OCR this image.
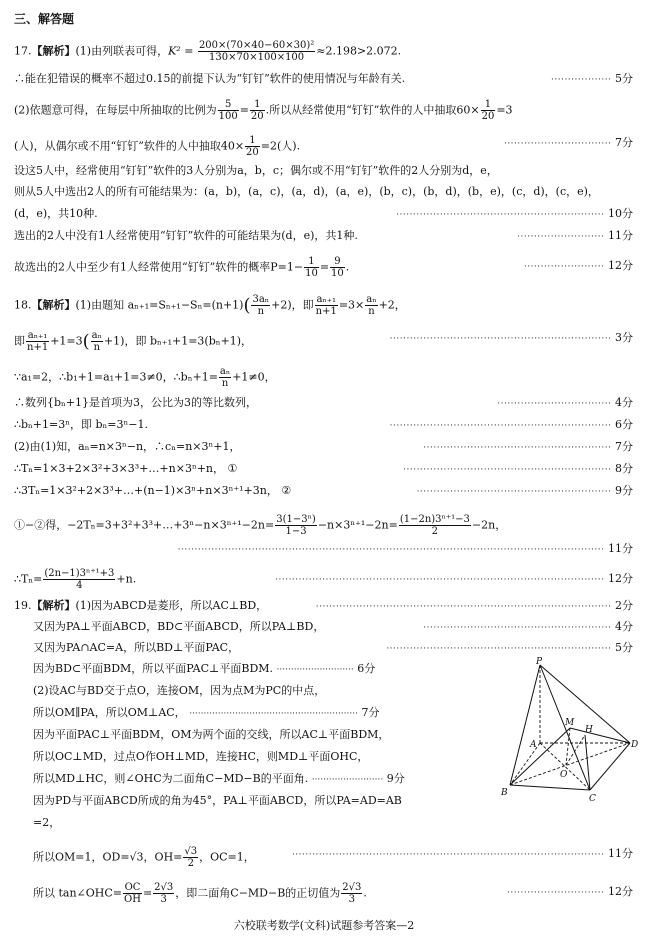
三、解答题
17.【解析】(1)由列联表可得，$K^2 = \frac{\text{200×(70×40−60×30)²}}{130\times 70\times 100\times 100} \approx 2.198>2.072$.
∴能在犯错误的概率不超过0.15的前提下认为“钉钉”软件的使用情况与年龄有关.	·················· 5分
(2)依题意可得，在每层中所抽取的比例为 $\frac{5}{100} = \frac{1}{20}$ .所以从经常使用“钉钉”软件的人中抽取$60\times \frac{1}{20} =3$
(人)，从偶尔或不用“钉钉”软件的人中抽取$40\times \frac{1}{20} =2$(人).	································ 7分
设这5人中，经常使用“钉钉”软件的3人分别为a，b，c；偶尔或不用“钉钉”软件的2人分别为d，e，
则从5人中选出2人的所有可能结果为：(a，b)，(a，c)，(a，d)，(a，e)，(b，c)，(b，d)，(b，e)，(c，d)，(c，e)，
(d，e)，共10种.	······························································ 10分
选出的2人中没有1人经常使用“钉钉”软件的可能结果为(d，e)，共1种.	·························· 11分
故选出的2人中至少有1人经常使用“钉钉”软件的概率$P=1- \frac{1}{10} = \frac{9}{10}$ .	························ 12分
18.【解析】(1)由题知 $a_{n+1}=S_{n+1}-S_n=(n+1)( \frac{\text{3aₙ}}{n} +2)$，即 $\frac{\text{aₙ₊₁}}{n+1} =3\times \frac{\text{aₙ}}{n} +2$，
即 $\frac{\text{aₙ₊₁}}{n+1} +1=3( \frac{\text{aₙ}}{n} +1)$，即 bₙ₊₁+1=3(bₙ+1)，	·································································· 3分
∵a₁=2，∴b₁+1=a₁+1=3≠0，∴bₙ+1= $\frac{\text{aₙ}}{n} +1\ne 0$，
∴数列{bₙ+1}是首项为3，公比为3的等比数列，	·································· 4分
∴bₙ+1=3ⁿ，即 bₙ=3ⁿ−1.	·································································· 6分
(2)由(1)知，aₙ=n×3ⁿ−n，∴cₙ=n×3ⁿ+1，	························································ 7分
∴Tₙ=1×3+2×3²+3×3³+…+n×3ⁿ+n， ①	······························································ 8分
∴3Tₙ=1×3²+2×3³+…+(n−1)×3ⁿ+n×3ⁿ⁺¹+3n， ②	·························································· 9分
①−②得，−2Tₙ=3+3²+3³+…+3ⁿ−n×3ⁿ⁺¹−2n= $\frac{\text{3(1−3ⁿ)}}{1-3} -n\times 3^{n+1}-2n= \frac{\text{(1−2n)3ⁿ⁺¹−3}}{2} -2n$，
······························································································································· 11分
∴Tₙ= $\frac{\text{(2n−1)3ⁿ⁺¹+3}}{4} +n$.	·································································································· 12分
19.【解析】(1)因为ABCD是菱形，所以AC⊥BD，	························································································ 2分
又因为PA⊥平面ABCD，BD⊂平面ABCD，所以PA⊥BD，	························································ 4分
又因为PA∩AC=A，所以BD⊥平面PAC，	··································································· 5分
因为BD⊂平面BDM，所以平面PAC⊥平面BDM. ··························· 6分
(2)设AC与BD交于点O，连接OM，因为点M为PC的中点，
所以OM∥PA，所以OM⊥AC， ··························································· 7分
因为平面PAC⊥平面BDM，OM为两个面的交线，所以AC⊥平面BDM，
所以OC⊥MD，过点O作OH⊥MD，连接HC，则MD⊥平面OHC，
所以MD⊥HC，则∠OHC为二面角C−MD−B的平面角. ························· 9分
因为PD与平面ABCD所成的角为45°，PA⊥平面ABCD，所以PA=AD=AB
=2，
所以OM=1，OD=√3，$OH= \frac{√3}{2}$ ，OC=1，	····························································································· 11分
所以 tan∠OHC= $\frac{OC}{OH} = \frac{2√3}{3}$ ，即二面角C−MD−B的正切值为 $\frac{2√3}{3}$ .	····························· 12分
P
M
H
A
O
D
B
C
六校联考数学(文科)试题参考答案—2
